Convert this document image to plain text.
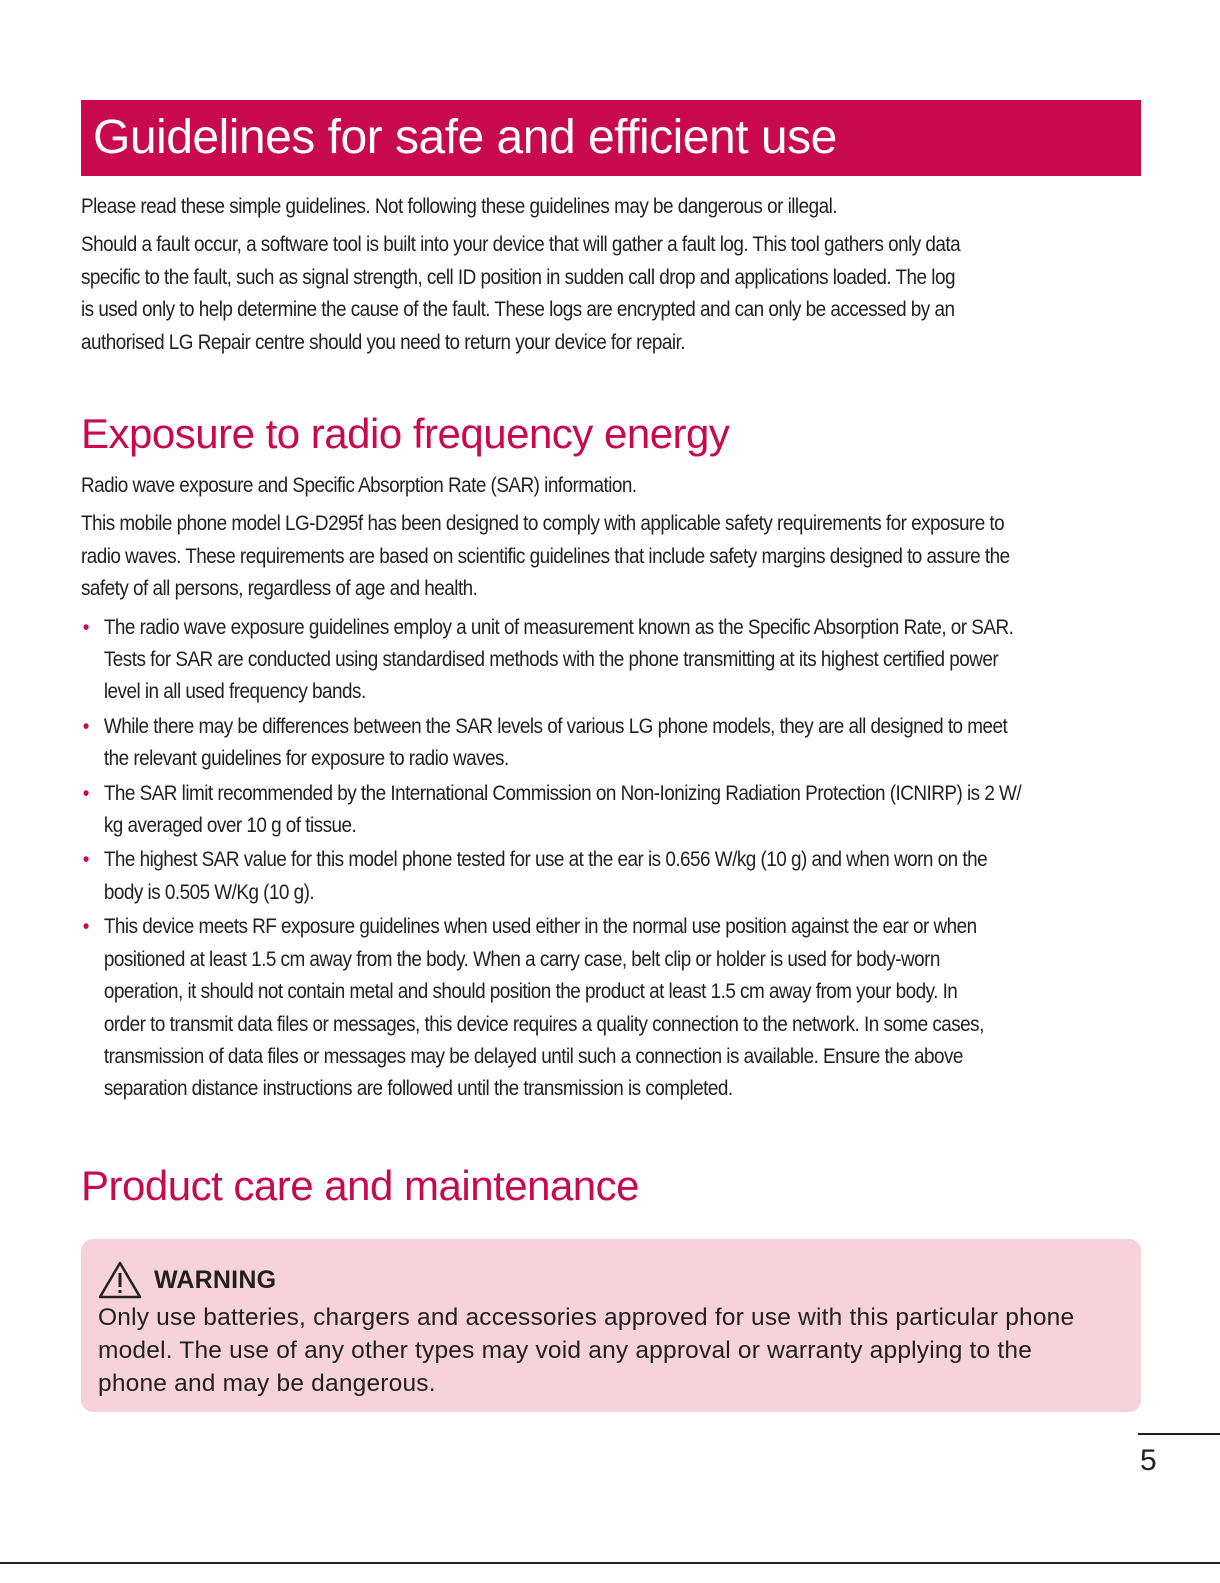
Guidelines for safe and efficient use

Please read these simple guidelines. Not following these guidelines may be dangerous or illegal.

Should a fault occur, a software tool is built into your device that will gather a fault log. This tool gathers only data
specific to the fault, such as signal strength, cell ID position in sudden call drop and applications loaded. The log
is used only to help determine the cause of the fault. These logs are encrypted and can only be accessed by an
authorised LG Repair centre should you need to return your device for repair.

Exposure to radio frequency energy

Radio wave exposure and Specific Absorption Rate (SAR) information.

This mobile phone model LG-D295f has been designed to comply with applicable safety requirements for exposure to
radio waves. These requirements are based on scientific guidelines that include safety margins designed to assure the
safety of all persons, regardless of age and health.

• The radio wave exposure guidelines employ a unit of measurement known as the Specific Absorption Rate, or SAR.
Tests for SAR are conducted using standardised methods with the phone transmitting at its highest certified power
level in all used frequency bands.
• While there may be differences between the SAR levels of various LG phone models, they are all designed to meet
the relevant guidelines for exposure to radio waves.
• The SAR limit recommended by the International Commission on Non-Ionizing Radiation Protection (ICNIRP) is 2 W/
kg averaged over 10 g of tissue.
• The highest SAR value for this model phone tested for use at the ear is 0.656 W/kg (10 g) and when worn on the
body is 0.505 W/Kg (10 g).
• This device meets RF exposure guidelines when used either in the normal use position against the ear or when
positioned at least 1.5 cm away from the body. When a carry case, belt clip or holder is used for body-worn
operation, it should not contain metal and should position the product at least 1.5 cm away from your body. In
order to transmit data files or messages, this device requires a quality connection to the network. In some cases,
transmission of data files or messages may be delayed until such a connection is available. Ensure the above
separation distance instructions are followed until the transmission is completed.
Product care and maintenance
WARNING

Only use batteries, chargers and accessories approved for use with this particular phone
model. The use of any other types may void any approval or warranty applying to the
phone and may be dangerous.

5
